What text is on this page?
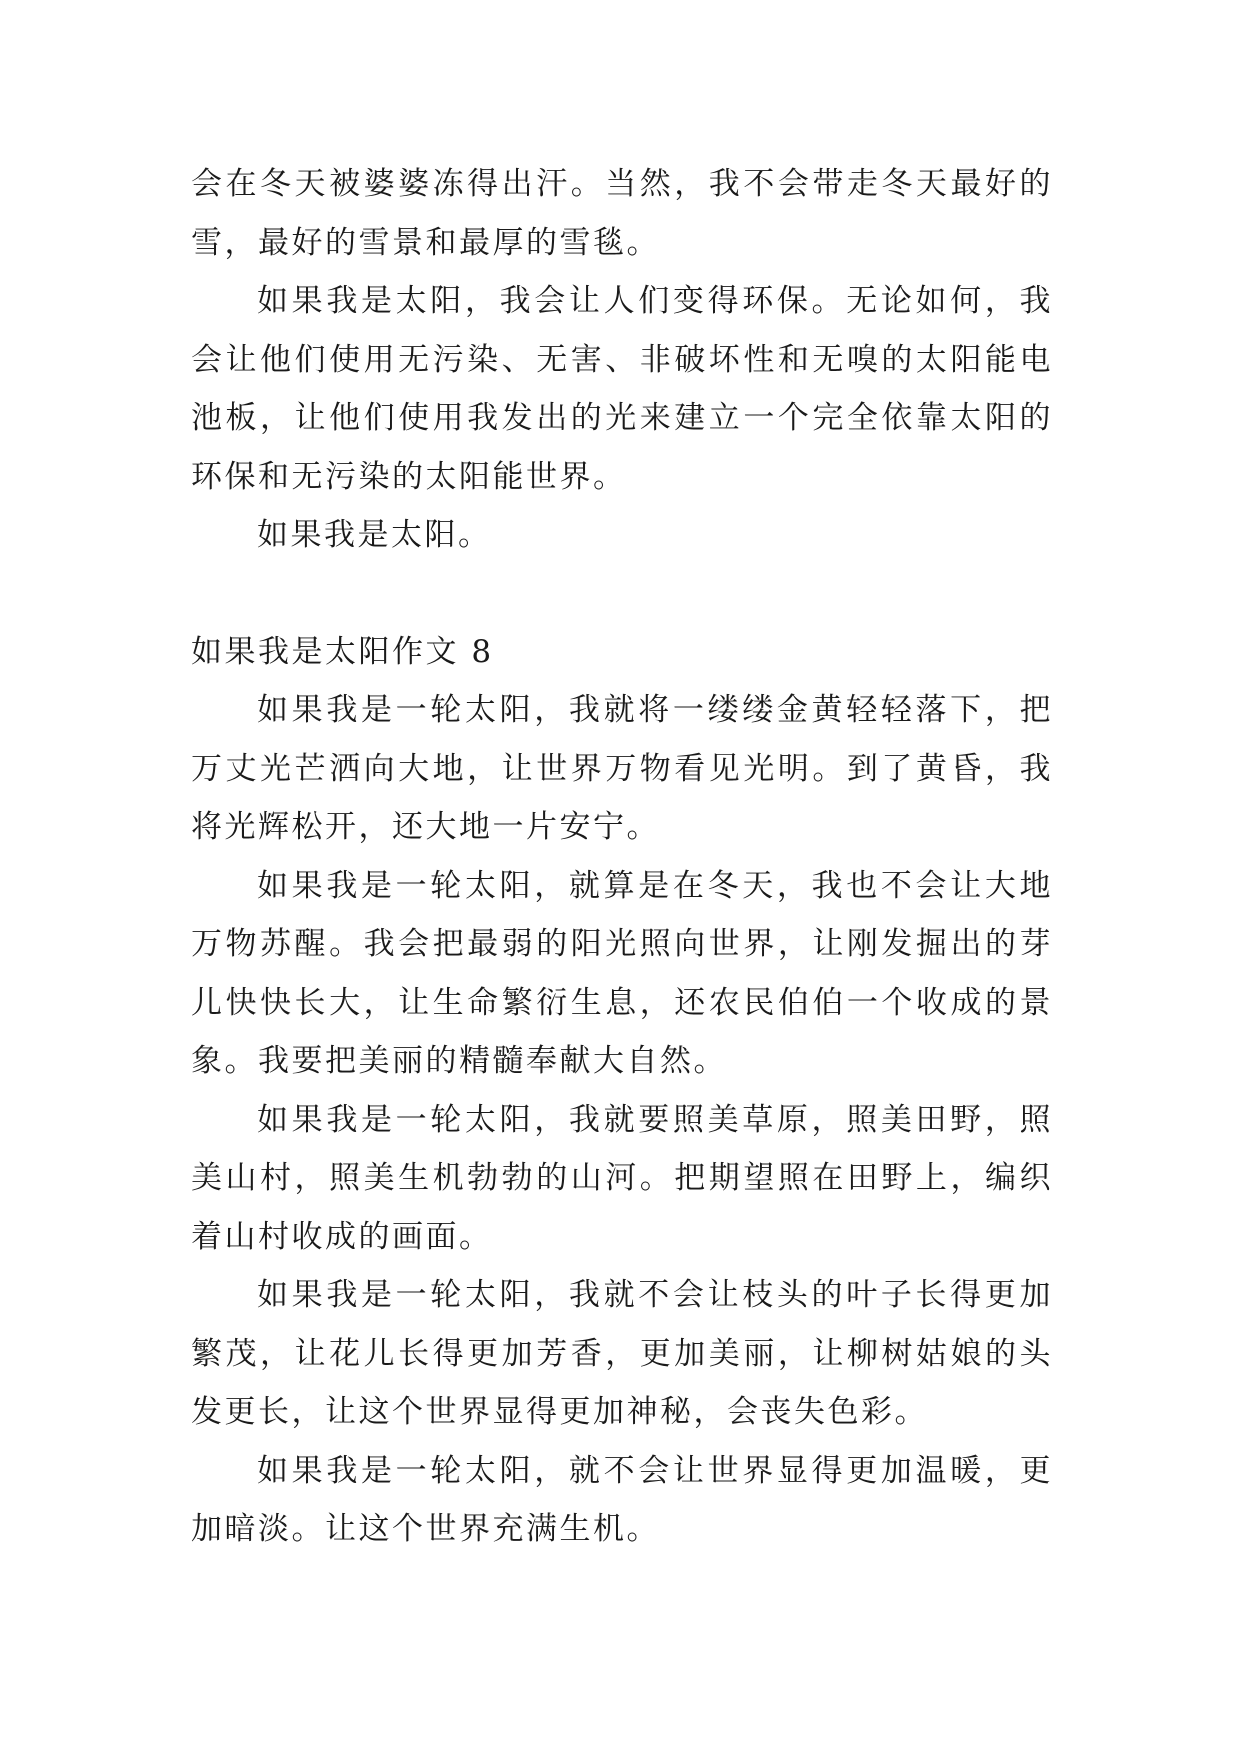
会在冬天被婆婆冻得出汗。当然，我不会带走冬天最好的雪，最好的雪景和最厚的雪毯。

如果我是太阳，我会让人们变得环保。无论如何，我会让他们使用无污染、无害、非破坏性和无嗅的太阳能电池板，让他们使用我发出的光来建立一个完全依靠太阳的环保和无污染的太阳能世界。

如果我是太阳。

如果我是太阳作文 8

如果我是一轮太阳，我就将一缕缕金黄轻轻落下，把万丈光芒洒向大地，让世界万物看见光明。到了黄昏，我将光辉松开，还大地一片安宁。

如果我是一轮太阳，就算是在冬天，我也不会让大地万物苏醒。我会把最弱的阳光照向世界，让刚发掘出的芽儿快快长大，让生命繁衍生息，还农民伯伯一个收成的景象。我要把美丽的精髓奉献大自然。

如果我是一轮太阳，我就要照美草原，照美田野，照美山村，照美生机勃勃的山河。把期望照在田野上，编织着山村收成的画面。

如果我是一轮太阳，我就不会让枝头的叶子长得更加繁茂，让花儿长得更加芳香，更加美丽，让柳树姑娘的头发更长，让这个世界显得更加神秘，会丧失色彩。

如果我是一轮太阳，就不会让世界显得更加温暖，更加暗淡。让这个世界充满生机。
